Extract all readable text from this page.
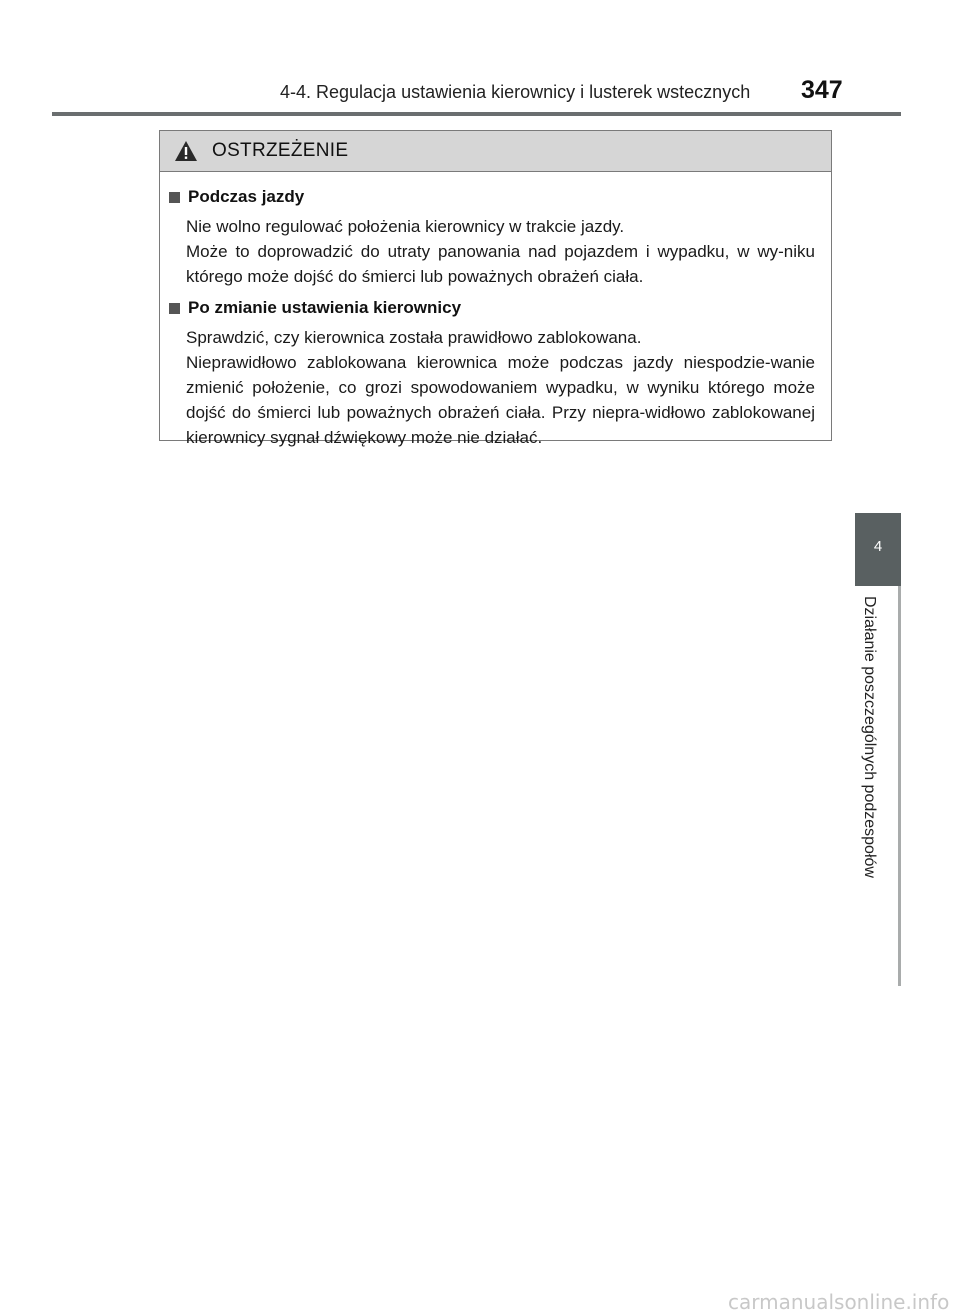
4-4. Regulacja ustawienia kierownicy i lusterek wstecznych 347
OSTRZEŻENIE
Podczas jazdy

Nie wolno regulować położenia kierownicy w trakcie jazdy.

Może to doprowadzić do utraty panowania nad pojazdem i wypadku, w wy-niku którego może dojść do śmierci lub poważnych obrażeń ciała.

Po zmianie ustawienia kierownicy

Sprawdzić, czy kierownica została prawidłowo zablokowana.

Nieprawidłowo zablokowana kierownica może podczas jazdy niespodzie-wanie zmienić położenie, co grozi spowodowaniem wypadku, w wyniku którego może dojść do śmierci lub poważnych obrażeń ciała. Przy niepra-widłowo zablokowanej kierownicy sygnał dźwiękowy może nie działać.

4
Działanie poszczególnych podzespołów
carmanualsonline.info
